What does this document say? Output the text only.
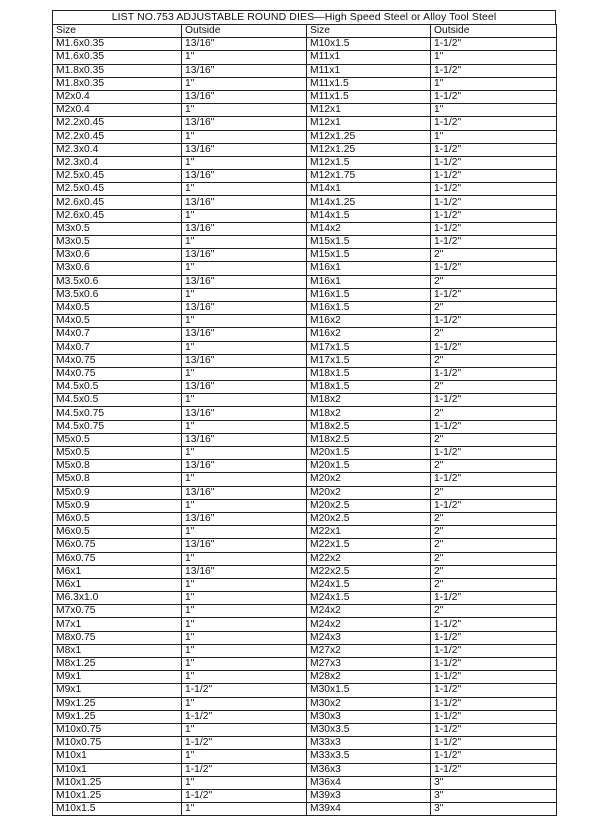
LIST NO.753 ADJUSTABLE ROUND DIES—High Speed Steel or Alloy Tool Steel
Size	Outside	Size	Outside
M1.6x0.35	13/16"	M10x1.5	1-1/2"
M1.6x0.35	1"	M11x1	1"
M1.8x0.35	13/16"	M11x1	1-1/2"
M1.8x0.35	1"	M11x1.5	1"
M2x0.4	13/16"	M11x1.5	1-1/2"
M2x0.4	1"	M12x1	1"
M2.2x0.45	13/16"	M12x1	1-1/2"
M2.2x0.45	1"	M12x1.25	1"
M2.3x0.4	13/16"	M12x1.25	1-1/2"
M2.3x0.4	1"	M12x1.5	1-1/2"
M2.5x0.45	13/16"	M12x1.75	1-1/2"
M2.5x0.45	1"	M14x1	1-1/2"
M2.6x0.45	13/16"	M14x1.25	1-1/2"
M2.6x0.45	1"	M14x1.5	1-1/2"
M3x0.5	13/16"	M14x2	1-1/2"
M3x0.5	1"	M15x1.5	1-1/2"
M3x0.6	13/16"	M15x1.5	2"
M3x0.6	1"	M16x1	1-1/2"
M3.5x0.6	13/16"	M16x1	2"
M3.5x0.6	1"	M16x1.5	1-1/2"
M4x0.5	13/16"	M16x1.5	2"
M4x0.5	1"	M16x2	1-1/2"
M4x0.7	13/16"	M16x2	2"
M4x0.7	1"	M17x1.5	1-1/2"
M4x0.75	13/16"	M17x1.5	2"
M4x0.75	1"	M18x1.5	1-1/2"
M4.5x0.5	13/16"	M18x1.5	2"
M4.5x0.5	1"	M18x2	1-1/2"
M4.5x0.75	13/16"	M18x2	2"
M4.5x0.75	1"	M18x2.5	1-1/2"
M5x0.5	13/16"	M18x2.5	2"
M5x0.5	1"	M20x1.5	1-1/2"
M5x0.8	13/16"	M20x1.5	2"
M5x0.8	1"	M20x2	1-1/2"
M5x0.9	13/16"	M20x2	2"
M5x0.9	1"	M20x2.5	1-1/2"
M6x0.5	13/16"	M20x2.5	2"
M6x0.5	1"	M22x1	2"
M6x0.75	13/16"	M22x1.5	2"
M6x0.75	1"	M22x2	2"
M6x1	13/16"	M22x2.5	2"
M6x1	1"	M24x1.5	2"
M6.3x1.0	1"	M24x1.5	1-1/2"
M7x0.75	1"	M24x2	2"
M7x1	1"	M24x2	1-1/2"
M8x0.75	1"	M24x3	1-1/2"
M8x1	1"	M27x2	1-1/2"
M8x1.25	1"	M27x3	1-1/2"
M9x1	1"	M28x2	1-1/2"
M9x1	1-1/2"	M30x1.5	1-1/2"
M9x1.25	1"	M30x2	1-1/2"
M9x1.25	1-1/2"	M30x3	1-1/2"
M10x0.75	1"	M30x3.5	1-1/2"
M10x0.75	1-1/2"	M33x3	1-1/2"
M10x1	1"	M33x3.5	1-1/2"
M10x1	1-1/2"	M36x3	1-1/2"
M10x1.25	1"	M36x4	3"
M10x1.25	1-1/2"	M39x3	3"
M10x1.5	1"	M39x4	3"
